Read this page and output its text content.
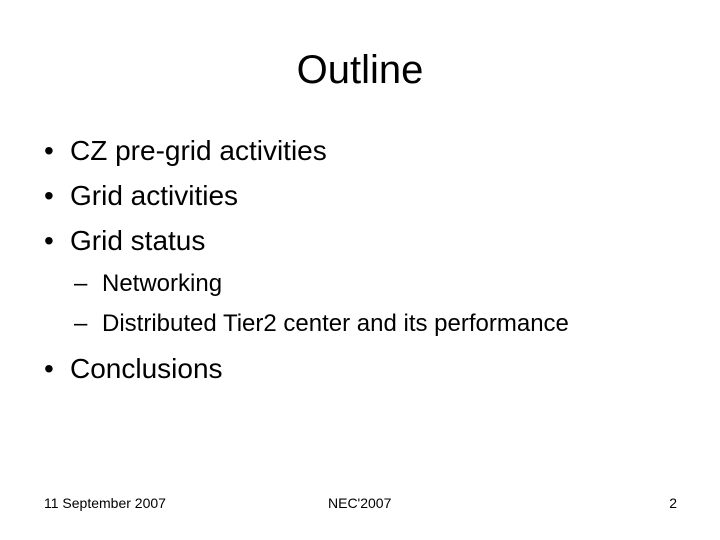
Outline
• CZ pre-grid activities
• Grid activities
• Grid status
– Networking
– Distributed Tier2 center and its performance
• Conclusions
11 September 2007	NEC'2007	2
